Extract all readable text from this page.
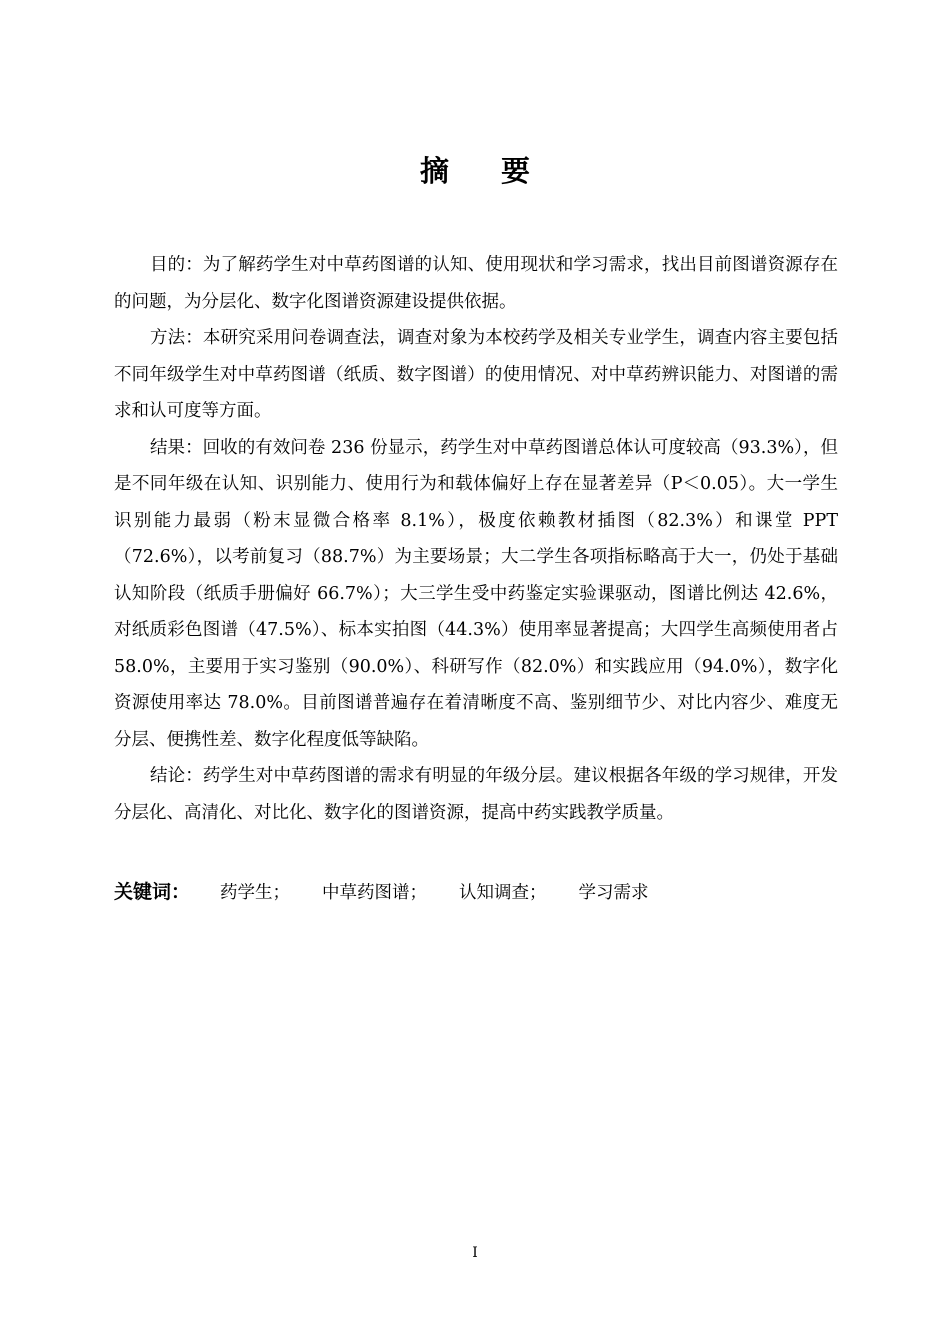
摘要

目的：为了解药学生对中草药图谱的认知、使用现状和学习需求，找出目前图谱资源存在的问题，为分层化、数字化图谱资源建设提供依据。

方法：本研究采用问卷调查法，调查对象为本校药学及相关专业学生，调查内容主要包括不同年级学生对中草药图谱（纸质、数字图谱）的使用情况、对中草药辨识能力、对图谱的需求和认可度等方面。

结果：回收的有效问卷 236 份显示，药学生对中草药图谱总体认可度较高（93.3%），但是不同年级在认知、识别能力、使用行为和载体偏好上存在显著差异（P＜0.05）。大一学生识别能力最弱（粉末显微合格率 8.1%），极度依赖教材插图（82.3%）和课堂 PPT（72.6%），以考前复习（88.7%）为主要场景；大二学生各项指标略高于大一，仍处于基础认知阶段（纸质手册偏好 66.7%）；大三学生受中药鉴定实验课驱动，图谱比例达 42.6%，对纸质彩色图谱（47.5%）、标本实拍图（44.3%）使用率显著提高；大四学生高频使用者占 58.0%，主要用于实习鉴别（90.0%）、科研写作（82.0%）和实践应用（94.0%），数字化资源使用率达 78.0%。目前图谱普遍存在着清晰度不高、鉴别细节少、对比内容少、难度无分层、便携性差、数字化程度低等缺陷。

结论：药学生对中草药图谱的需求有明显的年级分层。建议根据各年级的学习规律，开发分层化、高清化、对比化、数字化的图谱资源，提高中药实践教学质量。

关键词： 药学生； 中草药图谱； 认知调查； 学习需求
I
